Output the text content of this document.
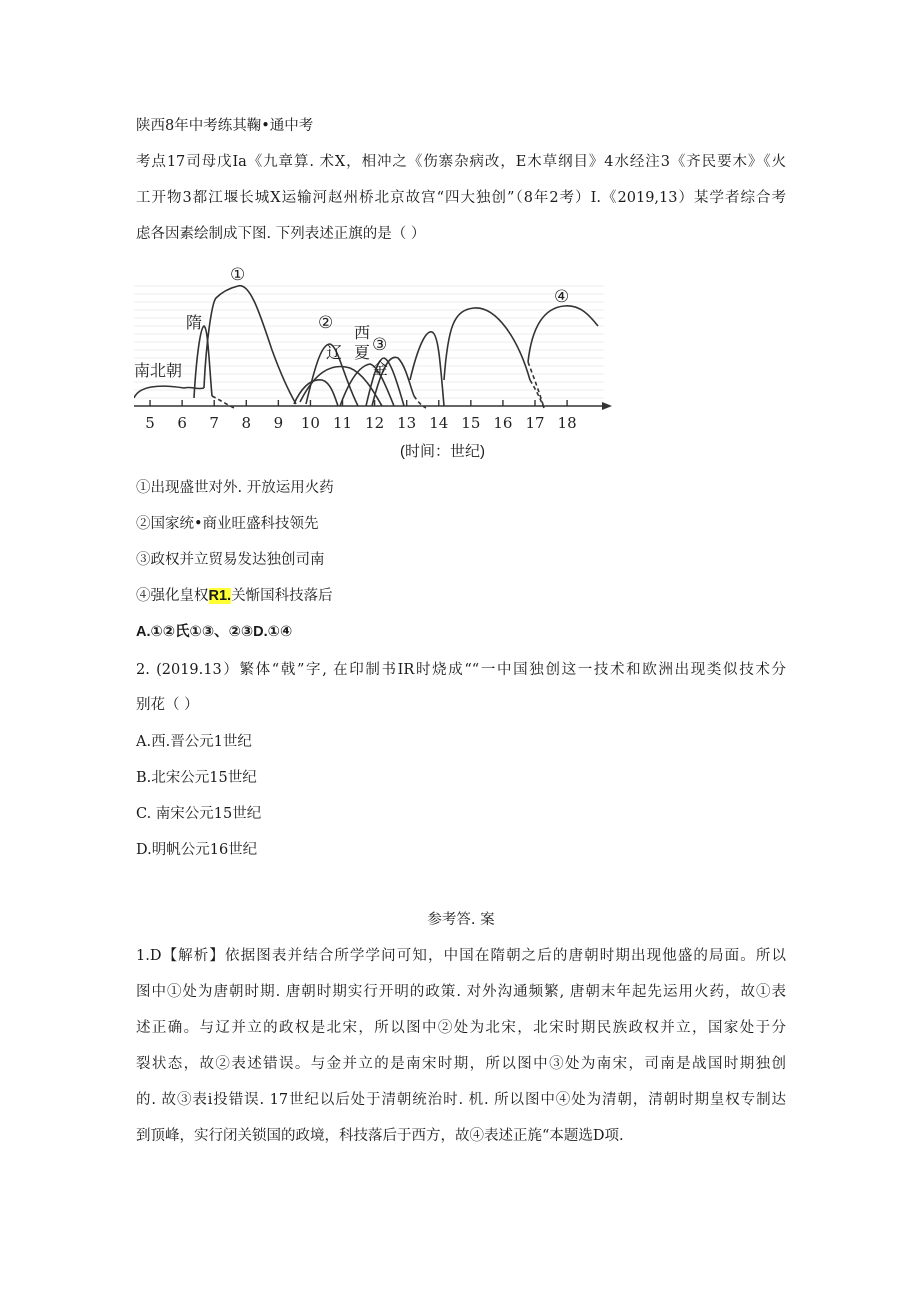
陕西8年中考练其鞠•通中考
考点17司母戊Ia《九章算. 术X，相冲之《伤寨杂病改，E木草纲目》4水经注3《齐民要木》《火
工开物3都江堰长城X运输河赵州桥北京故宫“四大独创”（8年2考）I.《2019,13）某学者综合考
虑各因素绘制成下图. 下列表述正旗的是（ ）
5 6 7 8 9 10 11 12 13 14 15 16 17 18
南北朝
隋
①
②
辽
西
夏 ③
金
④
(时间：世纪)
①出现盛世对外. 开放运用火药
②国家统•商业旺盛科技领先
③政权并立贸易发达独创司南
④强化皇权R1.关惭国科技落后
A.①②氏①③、②③D.①④
2. (2019.13）繁体“戟”字, 在印制书IR时烧成““一中国独创这一技术和欧洲出现类似技术分
别花（ ）
A.西.晋公元1世纪
B.北宋公元15世纪
C. 南宋公元15世纪
D.明帆公元16世纪
参考答. 案
1.D【解析】依据图表并结合所学学问可知，中国在隋朝之后的唐朝时期出现他盛的局面。所以
图中①处为唐朝时期. 唐朝时期实行开明的政策. 对外沟通频繁, 唐朝末年起先运用火药，故①表
述正确。与辽并立的政权是北宋，所以图中②处为北宋，北宋时期民族政权并立，国家处于分
裂状态，故②表述错误。与金并立的是南宋时期，所以图中③处为南宋，司南是战国时期独创
的. 故③表i投错误. 17世纪以后处于清朝统治时. 机. 所以图中④处为清朝，清朝时期皇权专制达
到顶峰，实行闭关锁国的政境，科技落后于西方，故④表述正旄“本题选D项.
